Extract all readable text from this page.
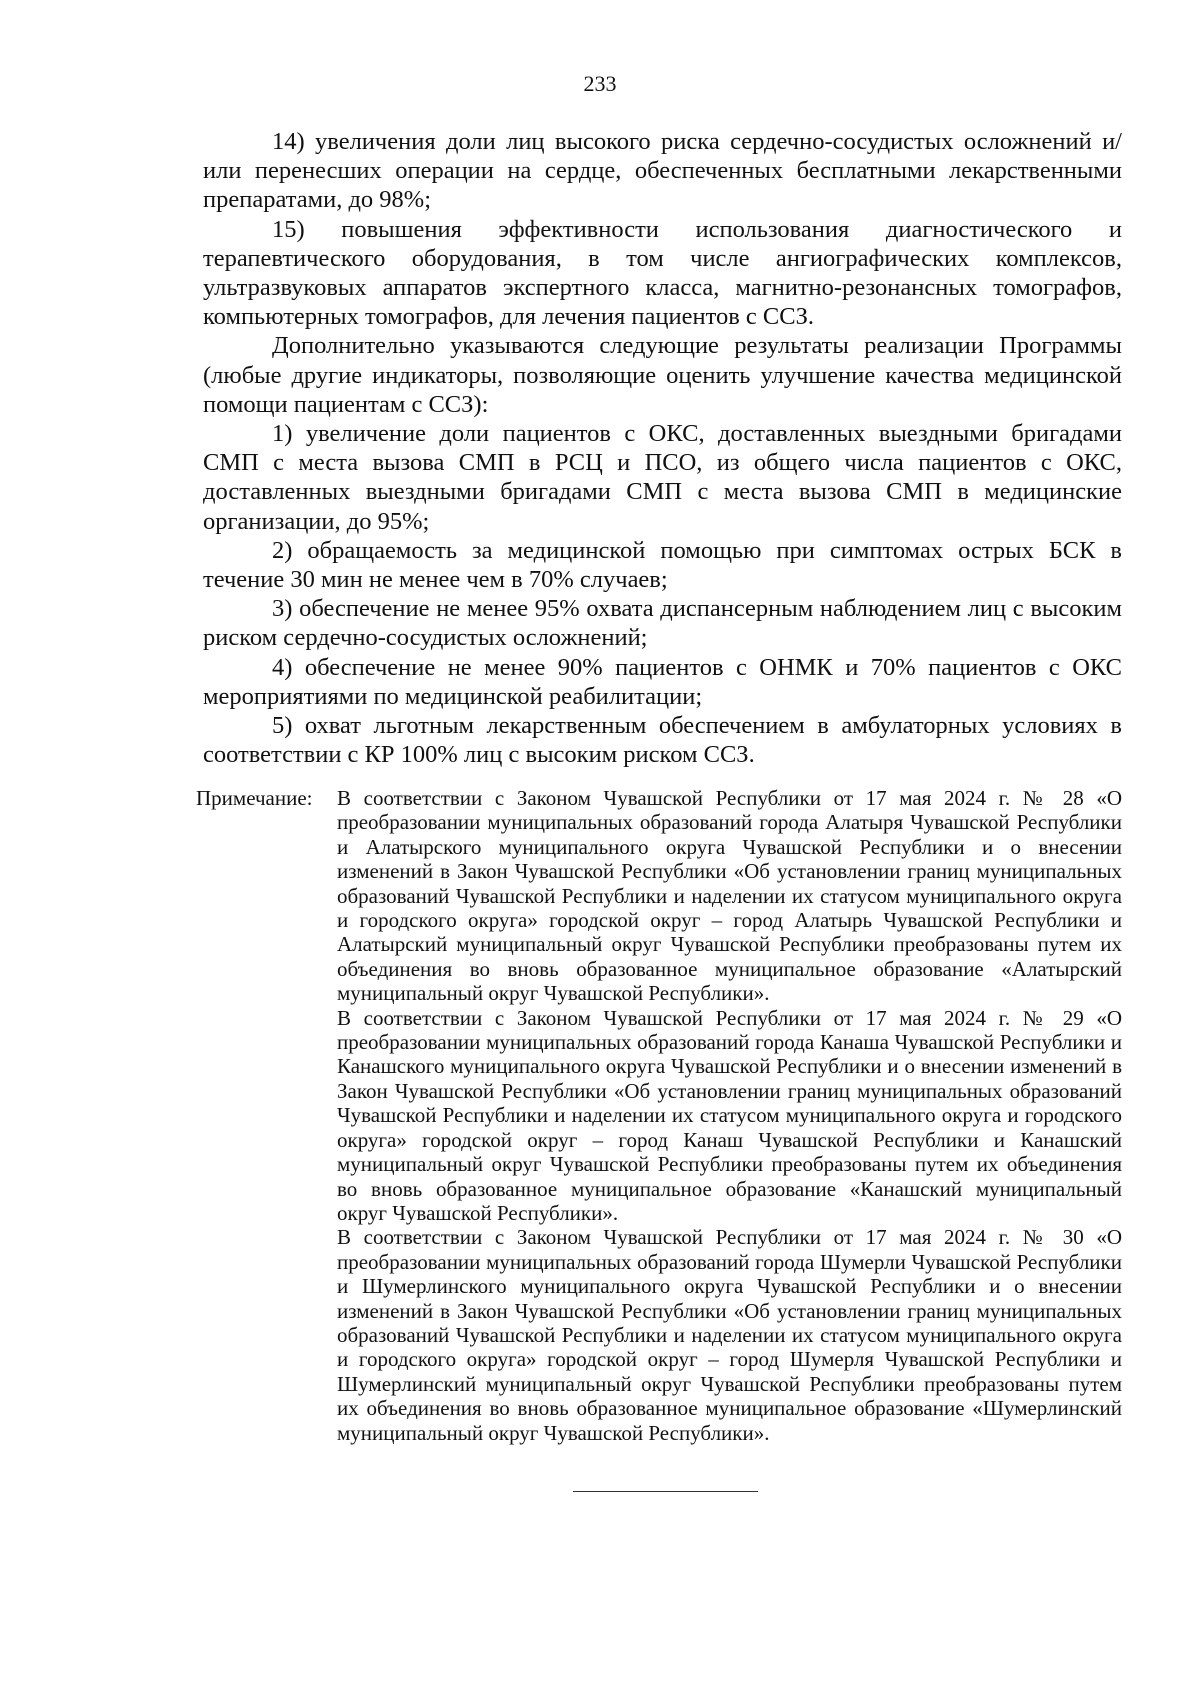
233

14) увеличения доли лиц высокого риска сердечно-сосудистых осложнений и/или перенесших операции на сердце, обеспеченных бесплатными лекарственными препаратами, до 98%;

15) повышения эффективности использования диагностического и терапевтического оборудования, в том числе ангиографических комплексов, ультразвуковых аппаратов экспертного класса, магнитно-резонансных томографов, компьютерных томографов, для лечения пациентов с ССЗ.

Дополнительно указываются следующие результаты реализации Программы (любые другие индикаторы, позволяющие оценить улучшение качества медицинской помощи пациентам с ССЗ):

1) увеличение доли пациентов с ОКС, доставленных выездными бригадами СМП с места вызова СМП в РСЦ и ПСО, из общего числа пациентов с ОКС, доставленных выездными бригадами СМП с места вызова СМП в медицинские организации, до 95%;

2) обращаемость за медицинской помощью при симптомах острых БСК в течение 30 мин не менее чем в 70% случаев;

3) обеспечение не менее 95% охвата диспансерным наблюдением лиц с высоким риском сердечно-сосудистых осложнений;

4) обеспечение не менее 90% пациентов с ОНМК и 70% пациентов с ОКС мероприятиями по медицинской реабилитации;

5) охват льготным лекарственным обеспечением в амбулаторных условиях в соответствии с КР 100% лиц с высоким риском ССЗ.

Примечание: В соответствии с Законом Чувашской Республики от 17 мая 2024 г. № 28 «О преобразовании муниципальных образований города Алатыря Чувашской Республики и Алатырского муниципального округа Чувашской Республики и о внесении изменений в Закон Чувашской Республики «Об установлении границ муниципальных образований Чувашской Республики и наделении их статусом муниципального округа и городского округа» городской округ – город Алатырь Чувашской Республики и Алатырский муниципальный округ Чувашской Республики преобразованы путем их объединения во вновь образованное муниципальное образование «Алатырский муниципальный округ Чувашской Республики».

В соответствии с Законом Чувашской Республики от 17 мая 2024 г. № 29 «О преобразовании муниципальных образований города Канаша Чувашской Республики и Канашского муниципального округа Чувашской Республики и о внесении изменений в Закон Чувашской Республики «Об установлении границ муниципальных образований Чувашской Республики и наделении их статусом муниципального округа и городского округа» городской округ – город Канаш Чувашской Республики и Канашский муниципальный округ Чувашской Республики преобразованы путем их объединения во вновь образованное муниципальное образование «Канашский муниципальный округ Чувашской Республики».

В соответствии с Законом Чувашской Республики от 17 мая 2024 г. № 30 «О преобразовании муниципальных образований города Шумерли Чувашской Республики и Шумерлинского муниципального округа Чувашской Республики и о внесении изменений в Закон Чувашской Республики «Об установлении границ муниципальных образований Чувашской Республики и наделении их статусом муниципального округа и городского округа» городской округ – город Шумерля Чувашской Республики и Шумерлинский муниципальный округ Чувашской Республики преобразованы путем их объединения во вновь образованное муниципальное образование «Шумерлинский муниципальный округ Чувашской Республики».
